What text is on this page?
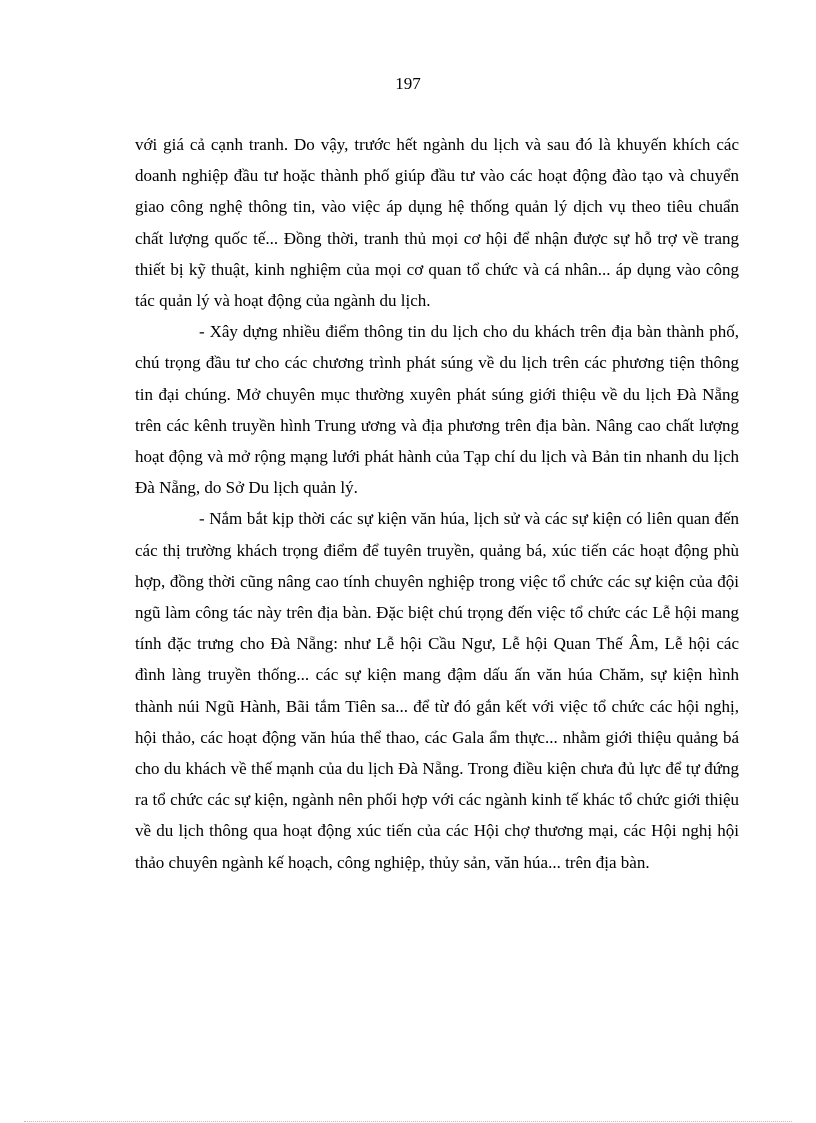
197

với giá cả cạnh tranh. Do vậy, trước hết ngành du lịch và sau đó là khuyến khích các doanh nghiệp đầu tư hoặc thành phố giúp đầu tư vào các hoạt động đào tạo và chuyển giao công nghệ thông tin, vào việc áp dụng hệ thống quản lý dịch vụ theo tiêu chuẩn chất lượng quốc tế... Đồng thời, tranh thủ mọi cơ hội để nhận được sự hỗ trợ về trang thiết bị kỹ thuật, kinh nghiệm của mọi cơ quan tổ chức và cá nhân... áp dụng vào công tác quản lý và hoạt động của ngành du lịch.

- Xây dựng nhiều điểm thông tin du lịch cho du khách trên địa bàn thành phố, chú trọng đầu tư cho các chương trình phát súng về du lịch trên các phương tiện thông tin đại chúng. Mở chuyên mục thường xuyên phát súng giới thiệu về du lịch Đà Nẵng trên các kênh truyền hình Trung ương và địa phương trên địa bàn. Nâng cao chất lượng hoạt động và mở rộng mạng lưới phát hành của Tạp chí du lịch và Bản tin nhanh du lịch Đà Nẵng, do Sở Du lịch quản lý.

- Nắm bắt kịp thời các sự kiện văn húa, lịch sử và các sự kiện có liên quan đến các thị trường khách trọng điểm để tuyên truyền, quảng bá, xúc tiến các hoạt động phù hợp, đồng thời cũng nâng cao tính chuyên nghiệp trong việc tổ chức các sự kiện của đội ngũ làm công tác này trên địa bàn. Đặc biệt chú trọng đến việc tổ chức các Lễ hội mang tính đặc trưng cho Đà Nẵng: như Lễ hội Cầu Ngư, Lễ hội Quan Thế Âm, Lễ hội các đình làng truyền thống... các sự kiện mang đậm dấu ấn văn húa Chăm, sự kiện hình thành núi Ngũ Hành, Bãi tắm Tiên sa... để từ đó gắn kết với việc tổ chức các hội nghị, hội thảo, các hoạt động văn húa thể thao, các Gala ẩm thực... nhằm giới thiệu quảng bá cho du khách về thế mạnh của du lịch Đà Nẵng. Trong điều kiện chưa đủ lực để tự đứng ra tổ chức các sự kiện, ngành nên phối hợp với các ngành kinh tế khác tổ chức giới thiệu về du lịch thông qua hoạt động xúc tiến của các Hội chợ thương mại, các Hội nghị hội thảo chuyên ngành kế hoạch, công nghiệp, thủy sản, văn húa... trên địa bàn.
